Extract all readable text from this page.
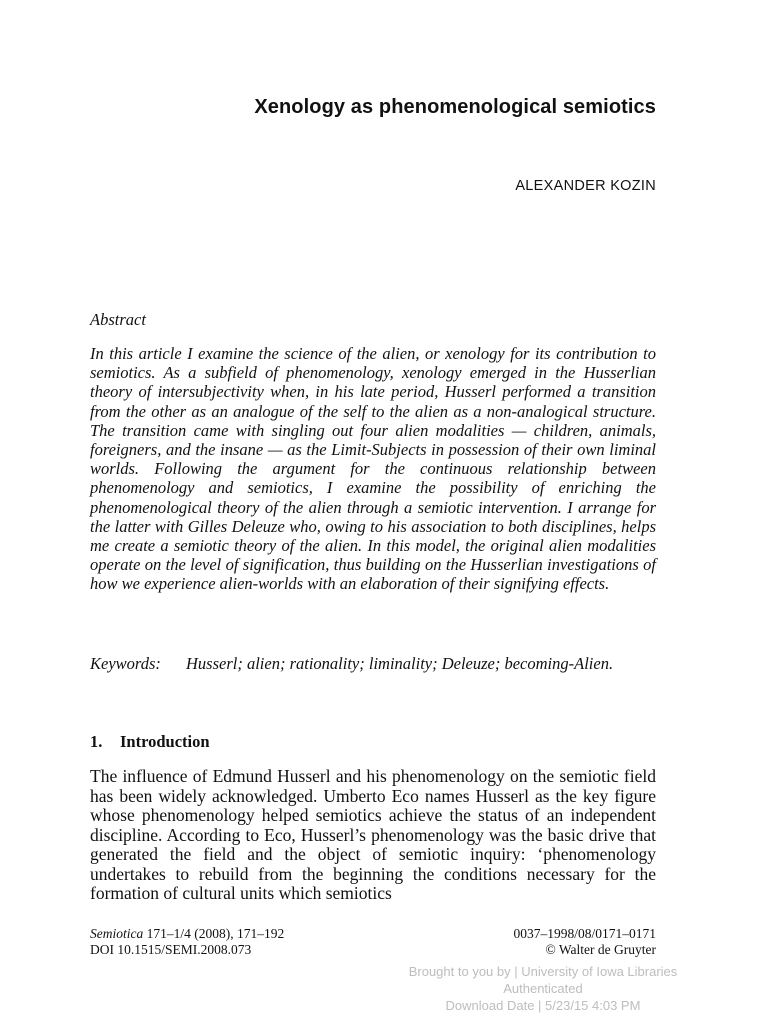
Xenology as phenomenological semiotics
ALEXANDER KOZIN
Abstract

In this article I examine the science of the alien, or xenology for its contribution to semiotics. As a subfield of phenomenology, xenology emerged in the Husserlian theory of intersubjectivity when, in his late period, Husserl performed a transition from the other as an analogue of the self to the alien as a non-analogical structure. The transition came with singling out four alien modalities — children, animals, foreigners, and the insane — as the Limit-Subjects in possession of their own liminal worlds. Following the argument for the continuous relationship between phenomenology and semiotics, I examine the possibility of enriching the phenomenological theory of the alien through a semiotic intervention. I arrange for the latter with Gilles Deleuze who, owing to his association to both disciplines, helps me create a semiotic theory of the alien. In this model, the original alien modalities operate on the level of signification, thus building on the Husserlian investigations of how we experience alien-worlds with an elaboration of their signifying effects.

Keywords: Husserl; alien; rationality; liminality; Deleuze; becoming-Alien.
1. Introduction

The influence of Edmund Husserl and his phenomenology on the semiotic field has been widely acknowledged. Umberto Eco names Husserl as the key figure whose phenomenology helped semiotics achieve the status of an independent discipline. According to Eco, Husserl’s phenomenology was the basic drive that generated the field and the object of semiotic inquiry: ‘phenomenology undertakes to rebuild from the beginning the conditions necessary for the formation of cultural units which semiotics

Semiotica 171–1/4 (2008), 171–192
DOI 10.1515/SEMI.2008.073
0037–1998/08/0171–0171
© Walter de Gruyter
Brought to you by | University of Iowa Libraries
Authenticated
Download Date | 5/23/15 4:03 PM
